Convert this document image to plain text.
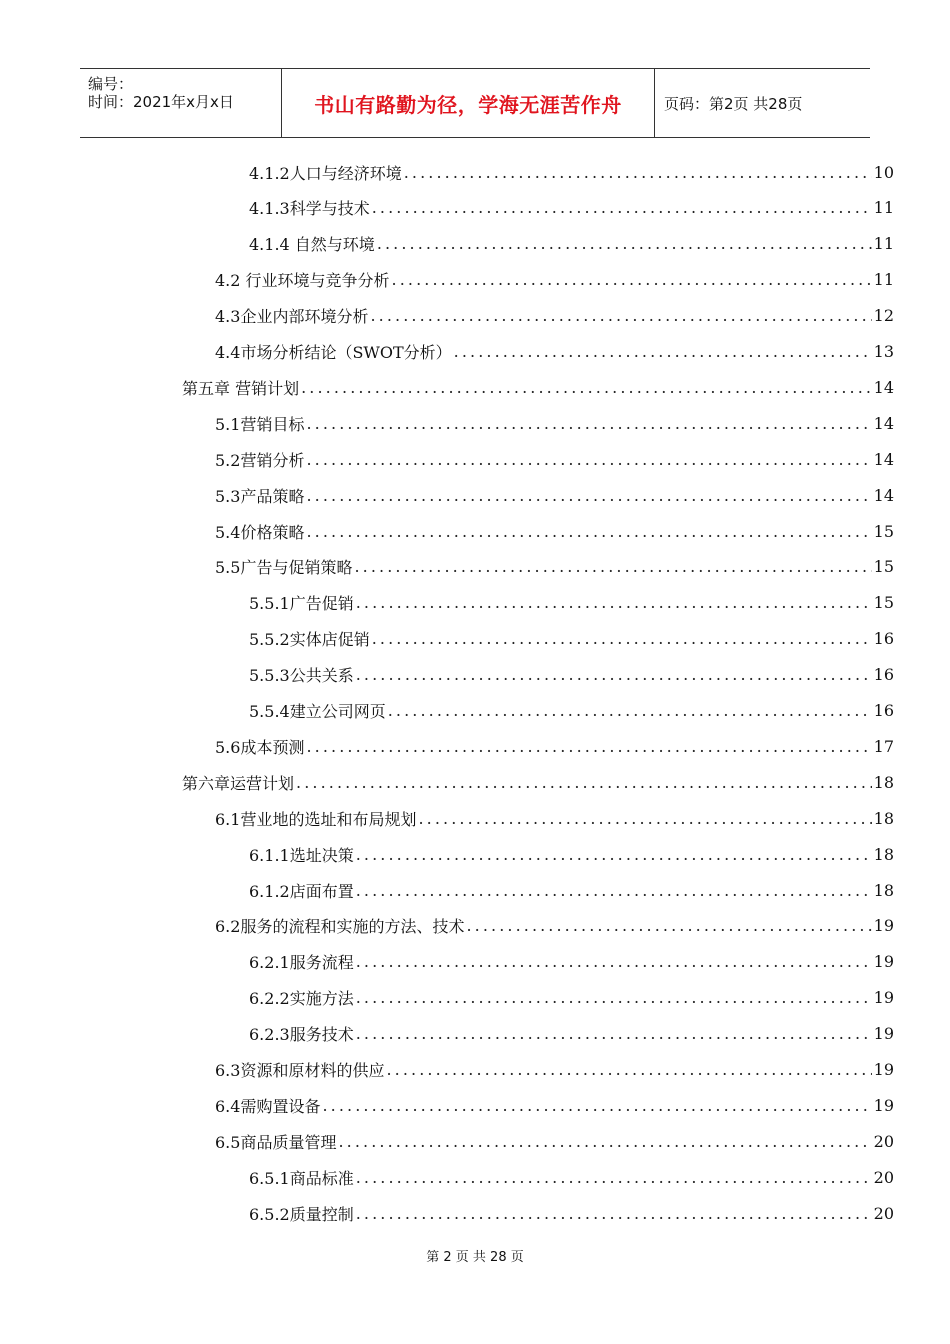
编号：
时间：2021年x月x日	书山有路勤为径，学海无涯苦作舟	页码：第2页 共28页
4.1.2人口与经济环境 .....	10
4.1.3科学与技术 .....	11
4.1.4 自然与环境 .....	11
4.2 行业环境与竞争分析 .....	11
4.3企业内部环境分析 .....	12
4.4市场分析结论（SWOT分析） .....	13
第五章 营销计划 .....	14
5.1营销目标 .....	14
5.2营销分析 .....	14
5.3产品策略 .....	14
5.4价格策略 .....	15
5.5广告与促销策略 .....	15
5.5.1广告促销 .....	15
5.5.2实体店促销 .....	16
5.5.3公共关系 .....	16
5.5.4建立公司网页 .....	16
5.6成本预测 .....	17
第六章运营计划 .....	18
6.1营业地的选址和布局规划 .....	18
6.1.1选址决策 .....	18
6.1.2店面布置 .....	18
6.2服务的流程和实施的方法、技术 .....	19
6.2.1服务流程 .....	19
6.2.2实施方法 .....	19
6.2.3服务技术 .....	19
6.3资源和原材料的供应 .....	19
6.4需购置设备 .....	19
6.5商品质量管理 .....	20
6.5.1商品标准 .....	20
6.5.2质量控制 .....	20
第 2 页 共 28 页
